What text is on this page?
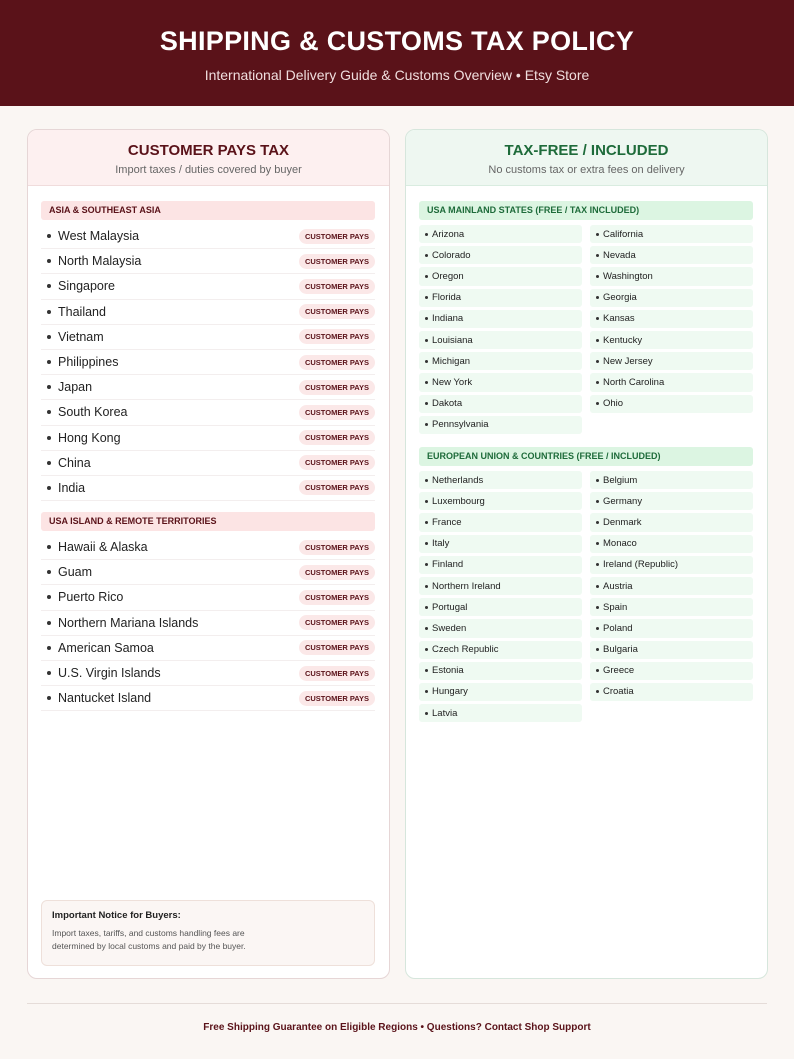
SHIPPING & CUSTOMS TAX POLICY
International Delivery Guide & Customs Overview • Etsy Store
CUSTOMER PAYS TAX
Import taxes / duties covered by buyer
ASIA & SOUTHEAST ASIA
West Malaysia	CUSTOMER PAYS
North Malaysia	CUSTOMER PAYS
Singapore	CUSTOMER PAYS
Thailand	CUSTOMER PAYS
Vietnam	CUSTOMER PAYS
Philippines	CUSTOMER PAYS
Japan	CUSTOMER PAYS
South Korea	CUSTOMER PAYS
Hong Kong	CUSTOMER PAYS
China	CUSTOMER PAYS
India	CUSTOMER PAYS
USA ISLAND & REMOTE TERRITORIES
Hawaii & Alaska	CUSTOMER PAYS
Guam	CUSTOMER PAYS
Puerto Rico	CUSTOMER PAYS
Northern Mariana Islands	CUSTOMER PAYS
American Samoa	CUSTOMER PAYS
U.S. Virgin Islands	CUSTOMER PAYS
Nantucket Island	CUSTOMER PAYS
Important Notice for Buyers:
Import taxes, tariffs, and customs handling fees are determined by local customs and paid by the buyer.
TAX-FREE / INCLUDED
No customs tax or extra fees on delivery
USA MAINLAND STATES (FREE / TAX INCLUDED)
Arizona	California
Colorado	Nevada
Oregon	Washington
Florida	Georgia
Indiana	Kansas
Louisiana	Kentucky
Michigan	New Jersey
New York	North Carolina
Dakota	Ohio
Pennsylvania
EUROPEAN UNION & COUNTRIES (FREE / INCLUDED)
Netherlands	Belgium
Luxembourg	Germany
France	Denmark
Italy	Monaco
Finland	Ireland (Republic)
Northern Ireland	Austria
Portugal	Spain
Sweden	Poland
Czech Republic	Bulgaria
Estonia	Greece
Hungary	Croatia
Latvia
Free Shipping Guarantee on Eligible Regions • Questions? Contact Shop Support
